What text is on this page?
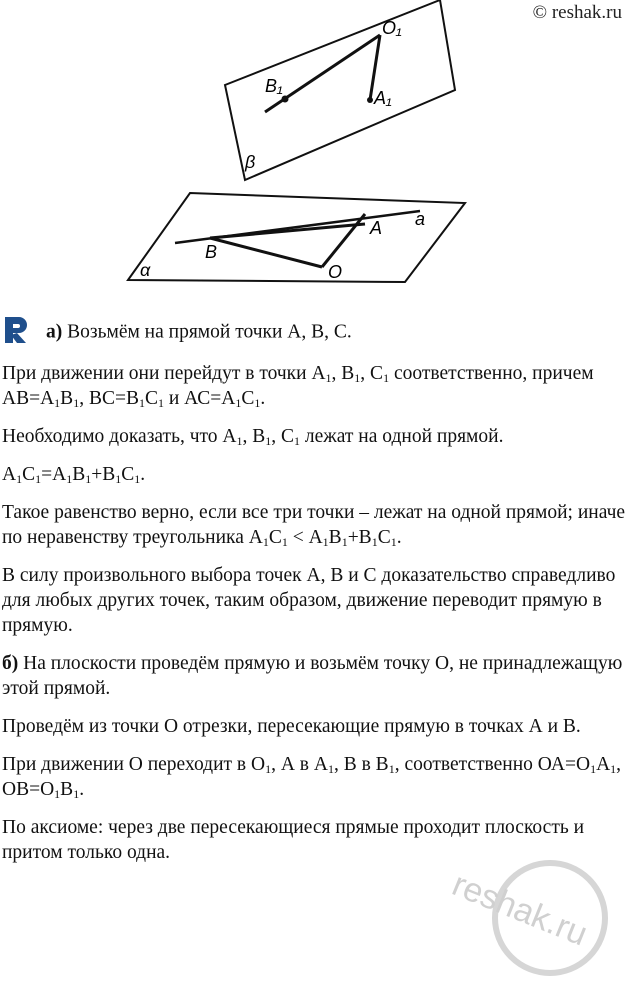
© reshak.ru
O₁
B₁
A₁
β
a
A
B
O
α

а) Возьмём на прямой точки А, В, С.

При движении они перейдут в точки $А_1$, $В_1$, $С_1$ соответственно, причем $АВ=А_1В_1$, $ВС=В_1С_1$ и $АС=А_1С_1$.

Необходимо доказать, что $А_1$, $В_1$, $С_1$ лежат на одной прямой.

$А_1С_1=А_1В_1+В_1С_1$.

Такое равенство верно, если все три точки – лежат на одной прямой; иначе по неравенству треугольника $А_1С_1 < А_1В_1+В_1С_1$.

В силу произвольного выбора точек А, В и С доказательство справедливо для любых других точек, таким образом, движение переводит прямую в прямую.

б) На плоскости проведём прямую и возьмём точку О, не принадлежащую этой прямой.

Проведём из точки О отрезки, пересекающие прямую в точках А и В.

При движении О переходит в $О_1$, А в $А_1$, В в $В_1$, соответственно $ОА=О_1А_1$, $ОВ=О_1В_1$.

По аксиоме: через две пересекающиеся прямые проходит плоскость и притом только одна.

reshak.ru
